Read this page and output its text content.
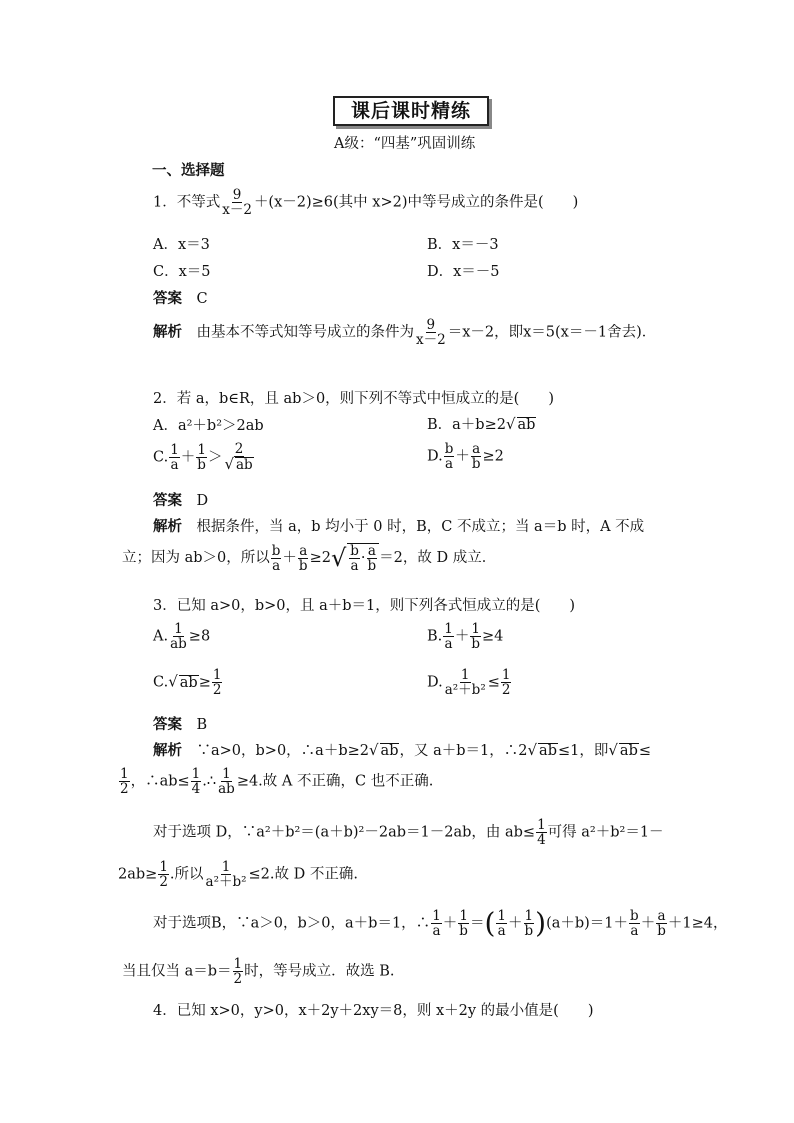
课后课时精练
A级：“四基”巩固训练
一、选择题
1．不等式 $\frac{9}{x-2} +(x-2)\ge 6$(其中 x>2)中等号成立的条件是(　　)
A．x＝3	B．x＝－3
C．x＝5	D．x＝－5
答案　 C
解析　 由基本不等式知等号成立的条件为 $\frac{9}{x-2} =x-2$，即x＝5(x＝－1舍去)．
2．若 a，b∈R，且 ab＞0，则下列不等式中恒成立的是(　　)
A．a²＋b²＞2ab	B．a＋b≥2√ ab
C. $\frac{1}{a} + \frac{1}{b} > \frac{2}{√ ab}$	D. $\frac{b}{a} + \frac{a}{b} \ge 2$
答案　 D
解析　 根据条件，当 a，b 均小于 0 时，B，C 不成立；当 a＝b 时，A 不成
立；因为 ab＞0，所以 $\frac{b}{a} + \frac{a}{b} \ge 2√ \frac{b}{a} \cdot \frac{a}{b} =2$，故 D 成立．
3．已知 a>0，b>0，且 a＋b＝1，则下列各式恒成立的是(　　)
A. $\frac{1}{ab} \ge 8$	B. $\frac{1}{a} + \frac{1}{b} \ge 4$
C.√ $ab\ge \frac{1}{2}$	D. $\frac{1}{\text{a²＋b²}} \le \frac{1}{2}$
答案　 B
解析　 ∵a>0，b>0，∴a＋b≥2√ ab，又 a＋b＝1，∴2√ ab≤1，即√ ab≤
$\frac{1}{2}$ ，∴ab≤ $\frac{1}{4}$ .∴ $\frac{1}{ab} \ge 4$.故 A 不正确，C 也不正确.
对于选项 D，∵a²＋b²＝(a＋b)²－2ab＝1－2ab，由 $ab\le \frac{1}{4}$ 可得 a²＋b²＝1－
$2ab\ge \frac{1}{2}$ .所以 $\frac{1}{\text{a²＋b²}} \le 2$.故 D 不正确.
对于选项B，∵a＞0，b＞0，a＋b＝1，∴ $\frac{1}{a} + \frac{1}{b}$ ＝( $\frac{1}{a} + \frac{1}{b} )(a+b)=1+ \frac{b}{a} + \frac{a}{b} +1\ge 4$，
当且仅当 $a=b= \frac{1}{2}$ 时，等号成立．故选 B.
4．已知 x>0，y>0，x＋2y＋2xy＝8，则 x＋2y 的最小值是(　　)
